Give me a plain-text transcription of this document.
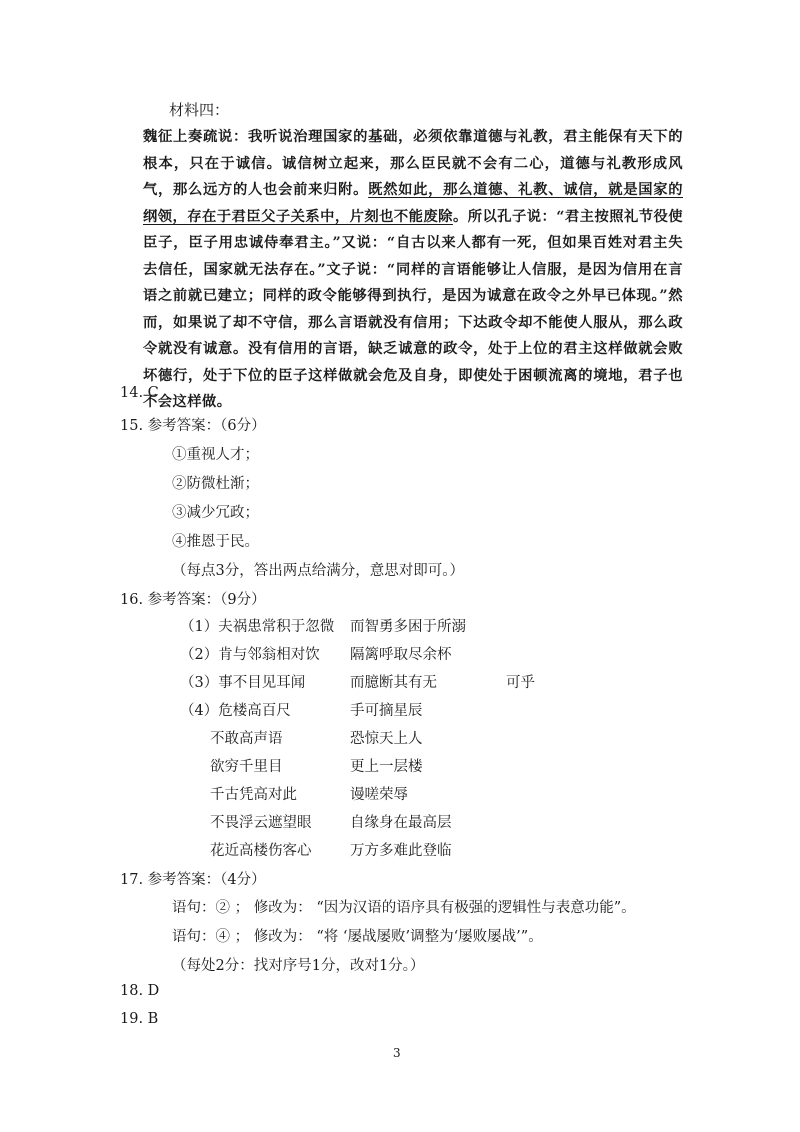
材料四：

魏征上奏疏说：我听说治理国家的基础，必须依靠道德与礼教，君主能保有天下的根本，只在于诚信。诚信树立起来，那么臣民就不会有二心，道德与礼教形成风气，那么远方的人也会前来归附。既然如此，那么道德、礼教、诚信，就是国家的纲领，存在于君臣父子关系中，片刻也不能废除。所以孔子说：“君主按照礼节役使臣子，臣子用忠诚侍奉君主。”又说：“自古以来人都有一死，但如果百姓对君主失去信任，国家就无法存在。”文子说：“同样的言语能够让人信服，是因为信用在言语之前就已建立；同样的政令能够得到执行，是因为诚意在政令之外早已体现。”然而，如果说了却不守信，那么言语就没有信用；下达政令却不能使人服从，那么政令就没有诚意。没有信用的言语，缺乏诚意的政令，处于上位的君主这样做就会败坏德行，处于下位的臣子这样做就会危及自身，即使处于困顿流离的境地，君子也不会这样做。

14. C
15. 参考答案：（6分）
①重视人才；
②防微杜渐；
③减少冗政；
④推恩于民。
（每点3分，答出两点给满分，意思对即可。）
16. 参考答案：（9分）
（1）夫祸患常积于忽微 而智勇多困于所溺
（2）肯与邻翁相对饮 隔篱呼取尽余杯
（3）事不目见耳闻	而臆断其有无	可乎
（4）危楼高百尺	手可摘星辰
不敢高声语	恐惊天上人
欲穷千里目	更上一层楼
千古凭高对此	谩嗟荣辱
不畏浮云遮望眼	自缘身在最高层
花近高楼伤客心	万方多难此登临
17. 参考答案：（4分）
语句：② ； 修改为： “因为汉语的语序具有极强的逻辑性与表意功能”。
语句：④ ； 修改为： “将 ‘屡战屡败’调整为‘屡败屡战’”。
（每处2分：找对序号1分，改对1分。）
18. D
19. B
3
